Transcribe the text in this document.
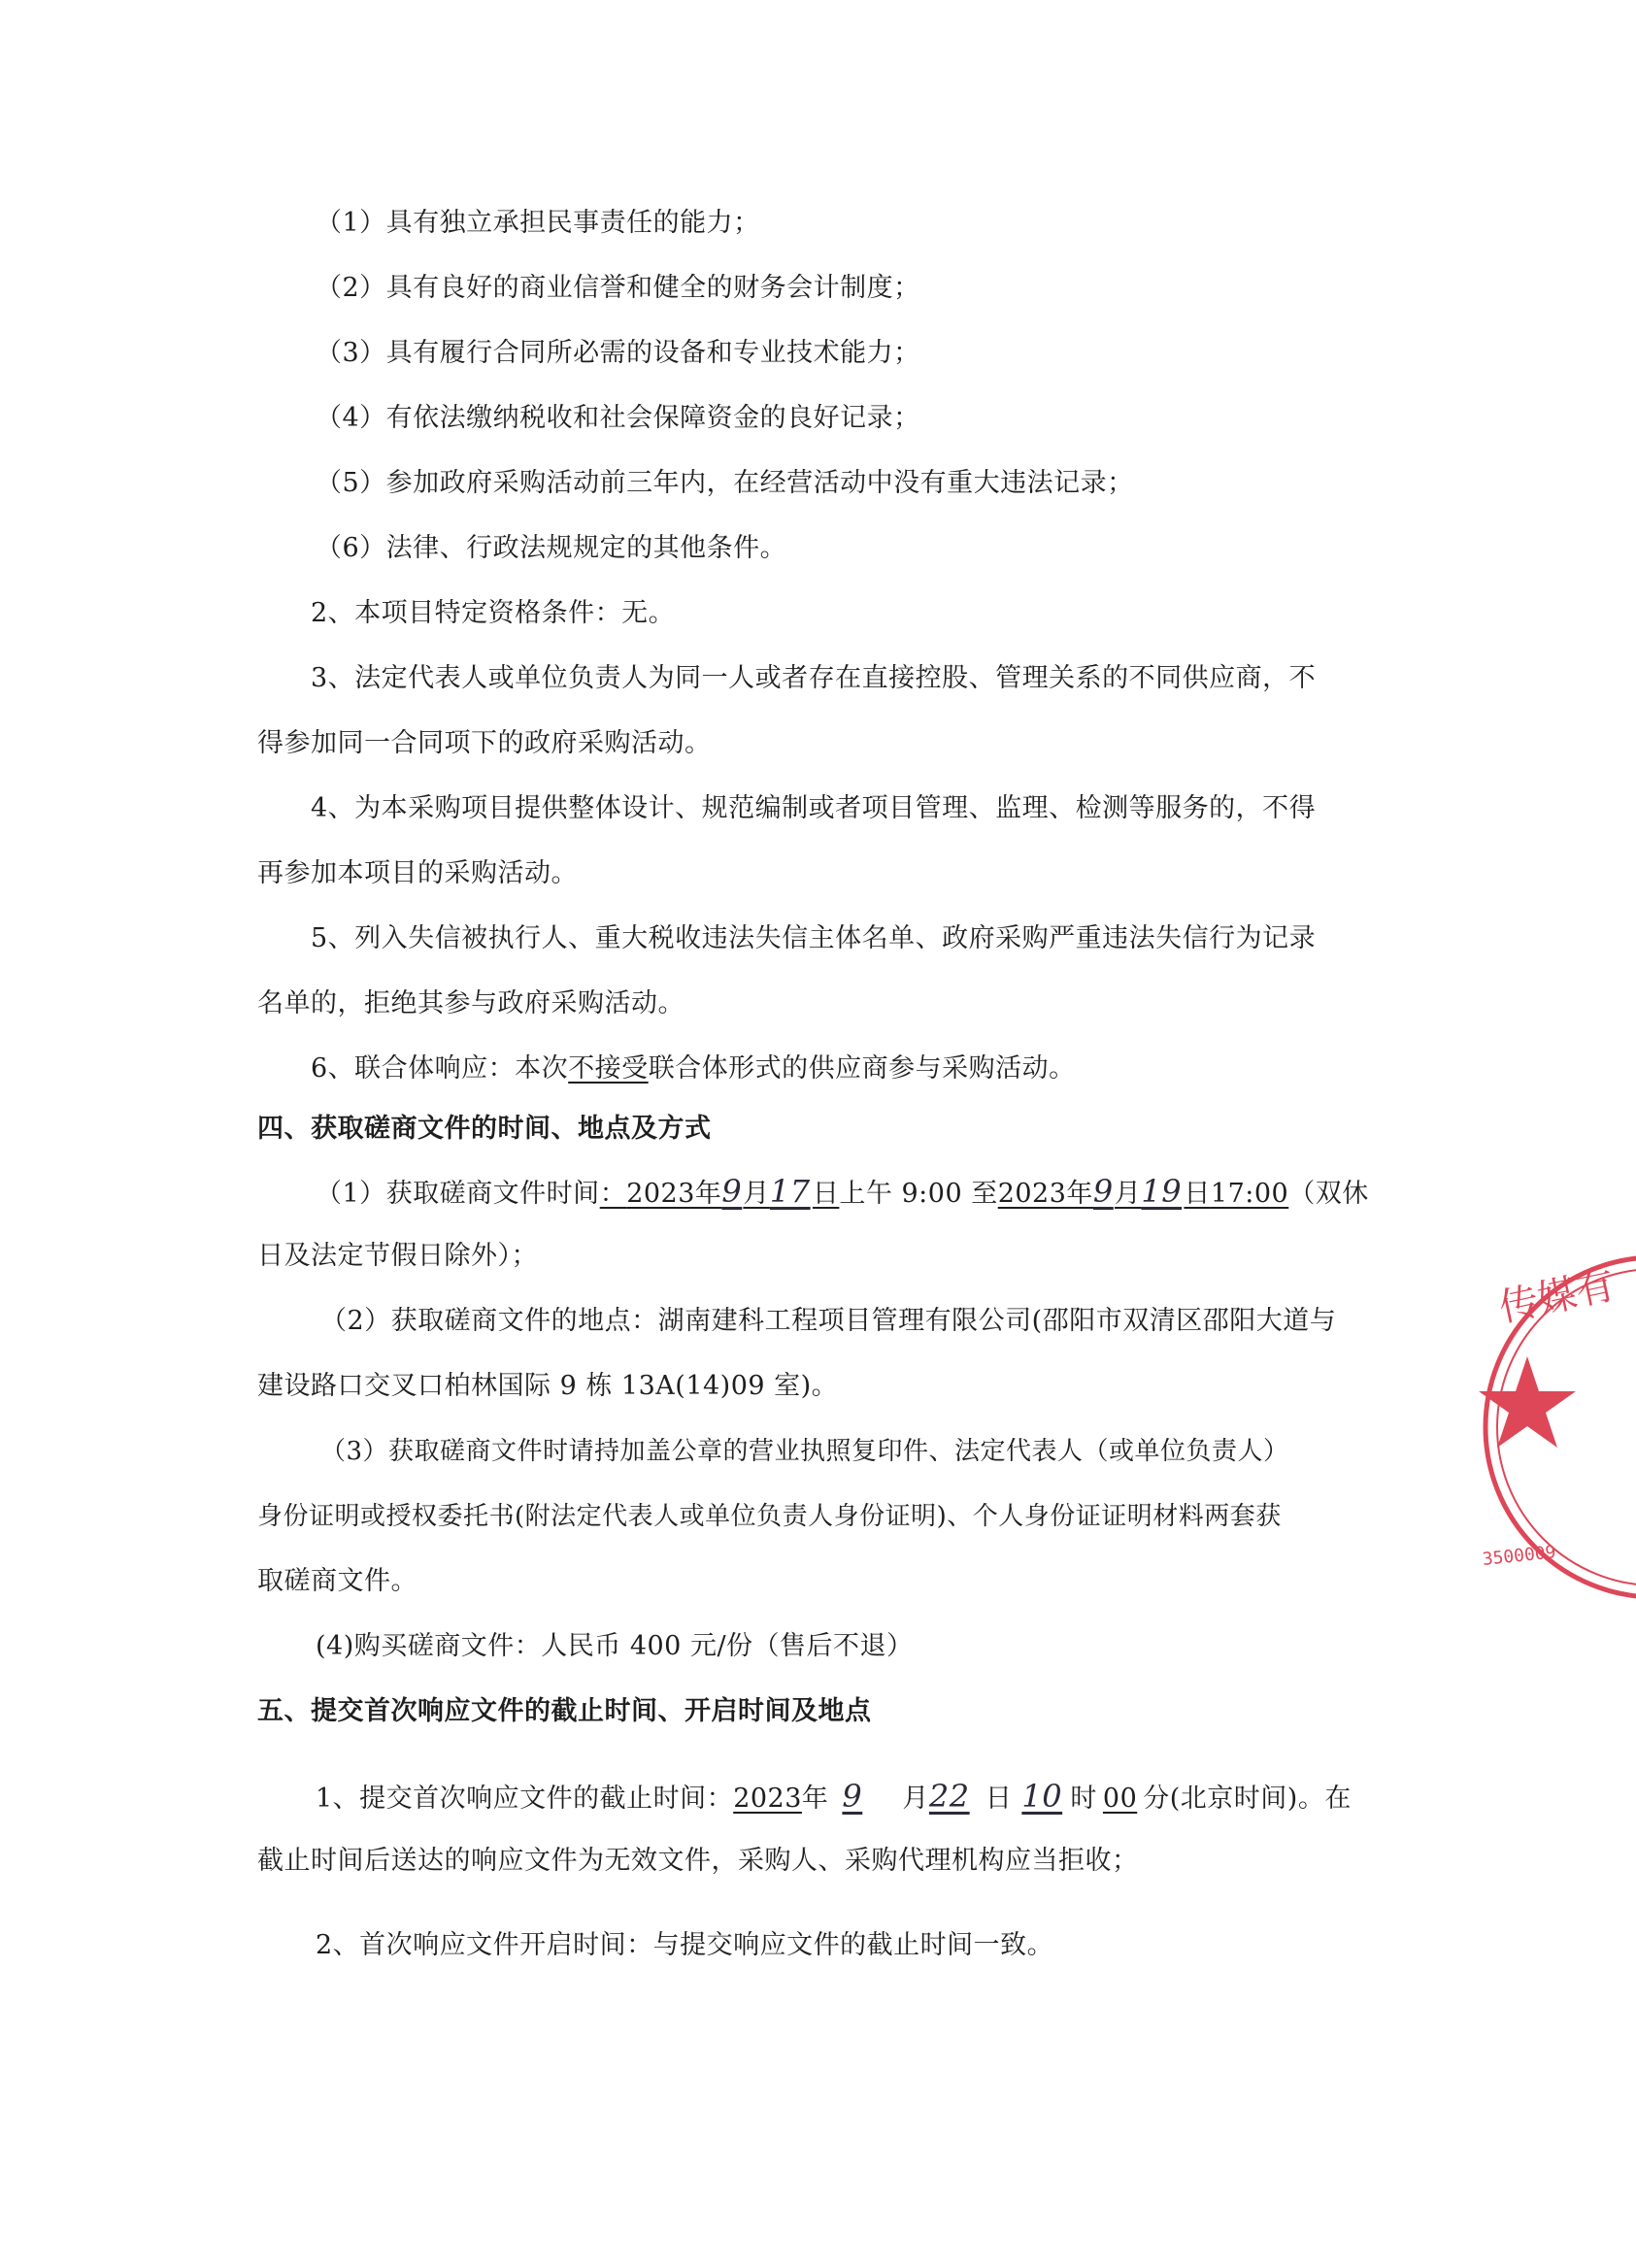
（1）具有独立承担民事责任的能力；
（2）具有良好的商业信誉和健全的财务会计制度；
（3）具有履行合同所必需的设备和专业技术能力；
（4）有依法缴纳税收和社会保障资金的良好记录；
（5）参加政府采购活动前三年内，在经营活动中没有重大违法记录；
（6）法律、行政法规规定的其他条件。
2、本项目特定资格条件：无。
3、法定代表人或单位负责人为同一人或者存在直接控股、管理关系的不同供应商，不
得参加同一合同项下的政府采购活动。
4、为本采购项目提供整体设计、规范编制或者项目管理、监理、检测等服务的，不得
再参加本项目的采购活动。
5、列入失信被执行人、重大税收违法失信主体名单、政府采购严重违法失信行为记录
名单的，拒绝其参与政府采购活动。
6、联合体响应：本次不接受联合体形式的供应商参与采购活动。
四、获取磋商文件的时间、地点及方式
（1）获取磋商文件时间：2023年9月17日上午 9:00 至2023年9月19日17:00（双休
日及法定节假日除外）；
（2）获取磋商文件的地点：湖南建科工程项目管理有限公司(邵阳市双清区邵阳大道与
建设路口交叉口柏林国际 9 栋 13A(14)09 室)。
（3）获取磋商文件时请持加盖公章的营业执照复印件、法定代表人（或单位负责人）
身份证明或授权委托书(附法定代表人或单位负责人身份证明)、个人身份证证明材料两套获
取磋商文件。
(4)购买磋商文件：人民币 400 元/份（售后不退）
五、提交首次响应文件的截止时间、开启时间及地点
1、提交首次响应文件的截止时间：2023年 9 月22 日 10 时 00 分(北京时间)。在
截止时间后送达的响应文件为无效文件，采购人、采购代理机构应当拒收；
2、首次响应文件开启时间：与提交响应文件的截止时间一致。
传媒有
3500009
